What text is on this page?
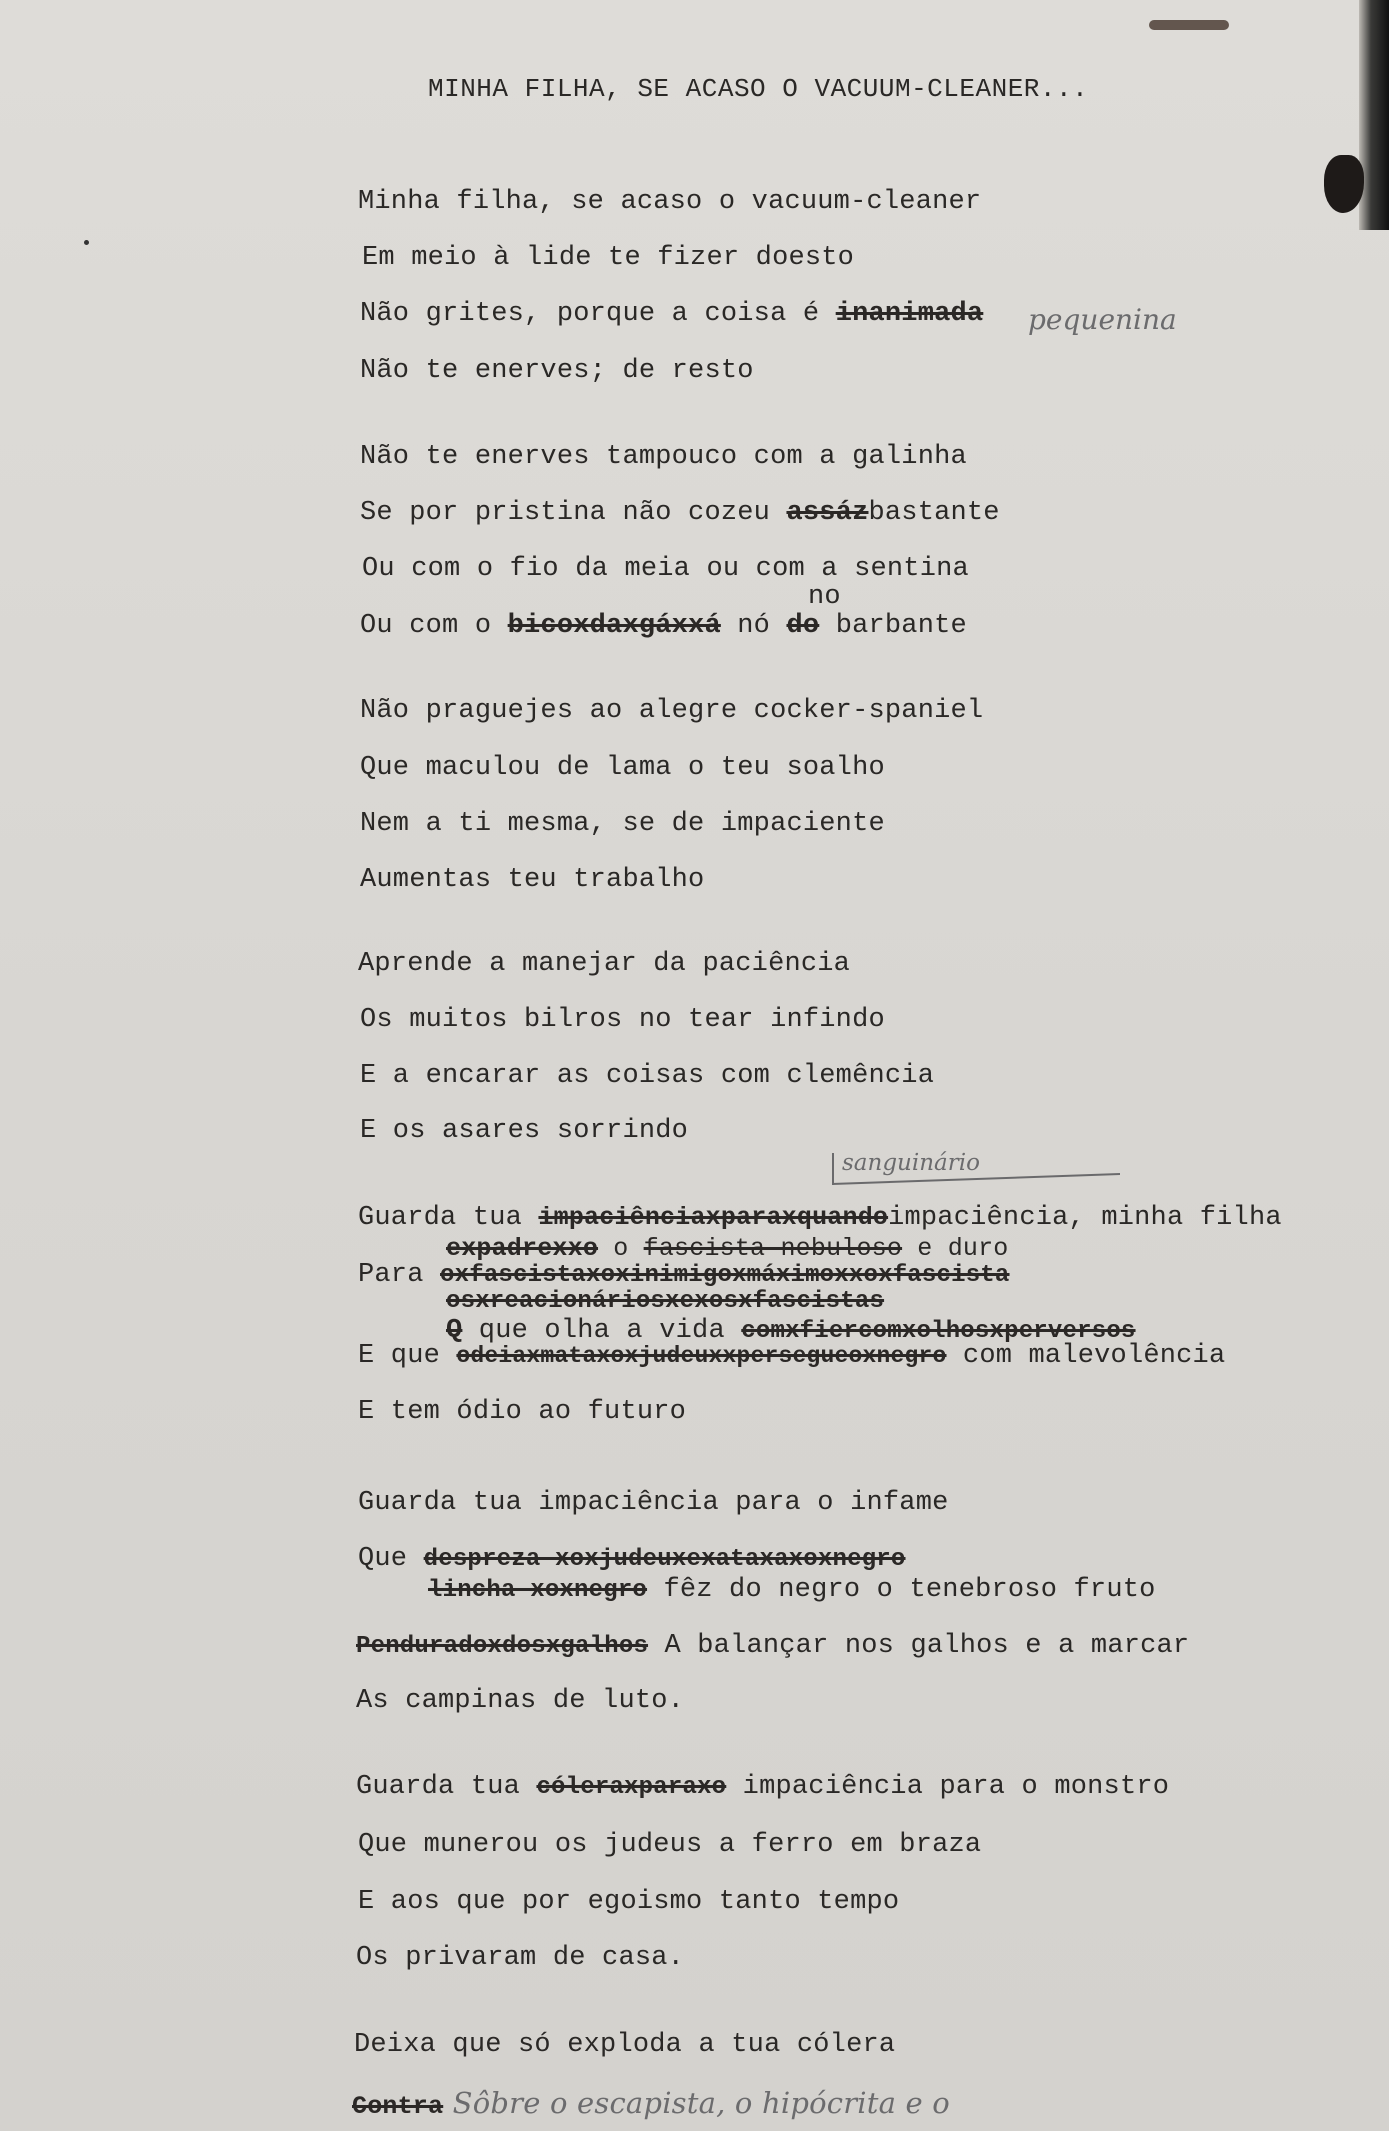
MINHA FILHA, SE ACASO O VACUUM-CLEANER...
Minha filha, se acaso o vacuum-cleaner
Em meio à lide te fizer doesto
Não grites, porque a coisa é inanimada pequenina
Não te enerves; de resto
Não te enerves tampouco com a galinha
Se por pristina não cozeu assázbastante
Ou com o fio da meia ou com a sentina
no
Ou com o bicoxdaxgáxxá nó do barbante
Não praguejes ao alegre cocker-spaniel
Que maculou de lama o teu soalho
Nem a ti mesma, se de impaciente
Aumentas teu trabalho
Aprende a manejar da paciência
Os muitos bilros no tear infindo
E a encarar as coisas com clemência
E os asares sorrindo
sanguinário
Guarda tua impaciênciaxparaxquandoimpaciência, minha filha
expadrexxo o fascista nebuloso e duro
Para oxfascistaxoxinimigoxmáximoxxoxfascista
osxreacionáriosxexosxfascistas
Q que olha a vida comxfiercomxolhosxperversos
E que odeiaxmataxoxjudeuxxpersegueoxnegro com malevolência
E tem ódio ao futuro
Guarda tua impaciência para o infame
Que despreza xoxjudeuxexataxaxoxnegro
lincha xoxnegro fêz do negro o tenebroso fruto
Penduradoxdosxgalhos A balançar nos galhos e a marcar
As campinas de luto.
Guarda tua cóleraxparaxo impaciência para o monstro
Que munerou os judeus a ferro em braza
E aos que por egoismo tanto tempo
Os privaram de casa.
Deixa que só exploda a tua cólera
Contra Sôbre o escapista, o hipócrita e o
